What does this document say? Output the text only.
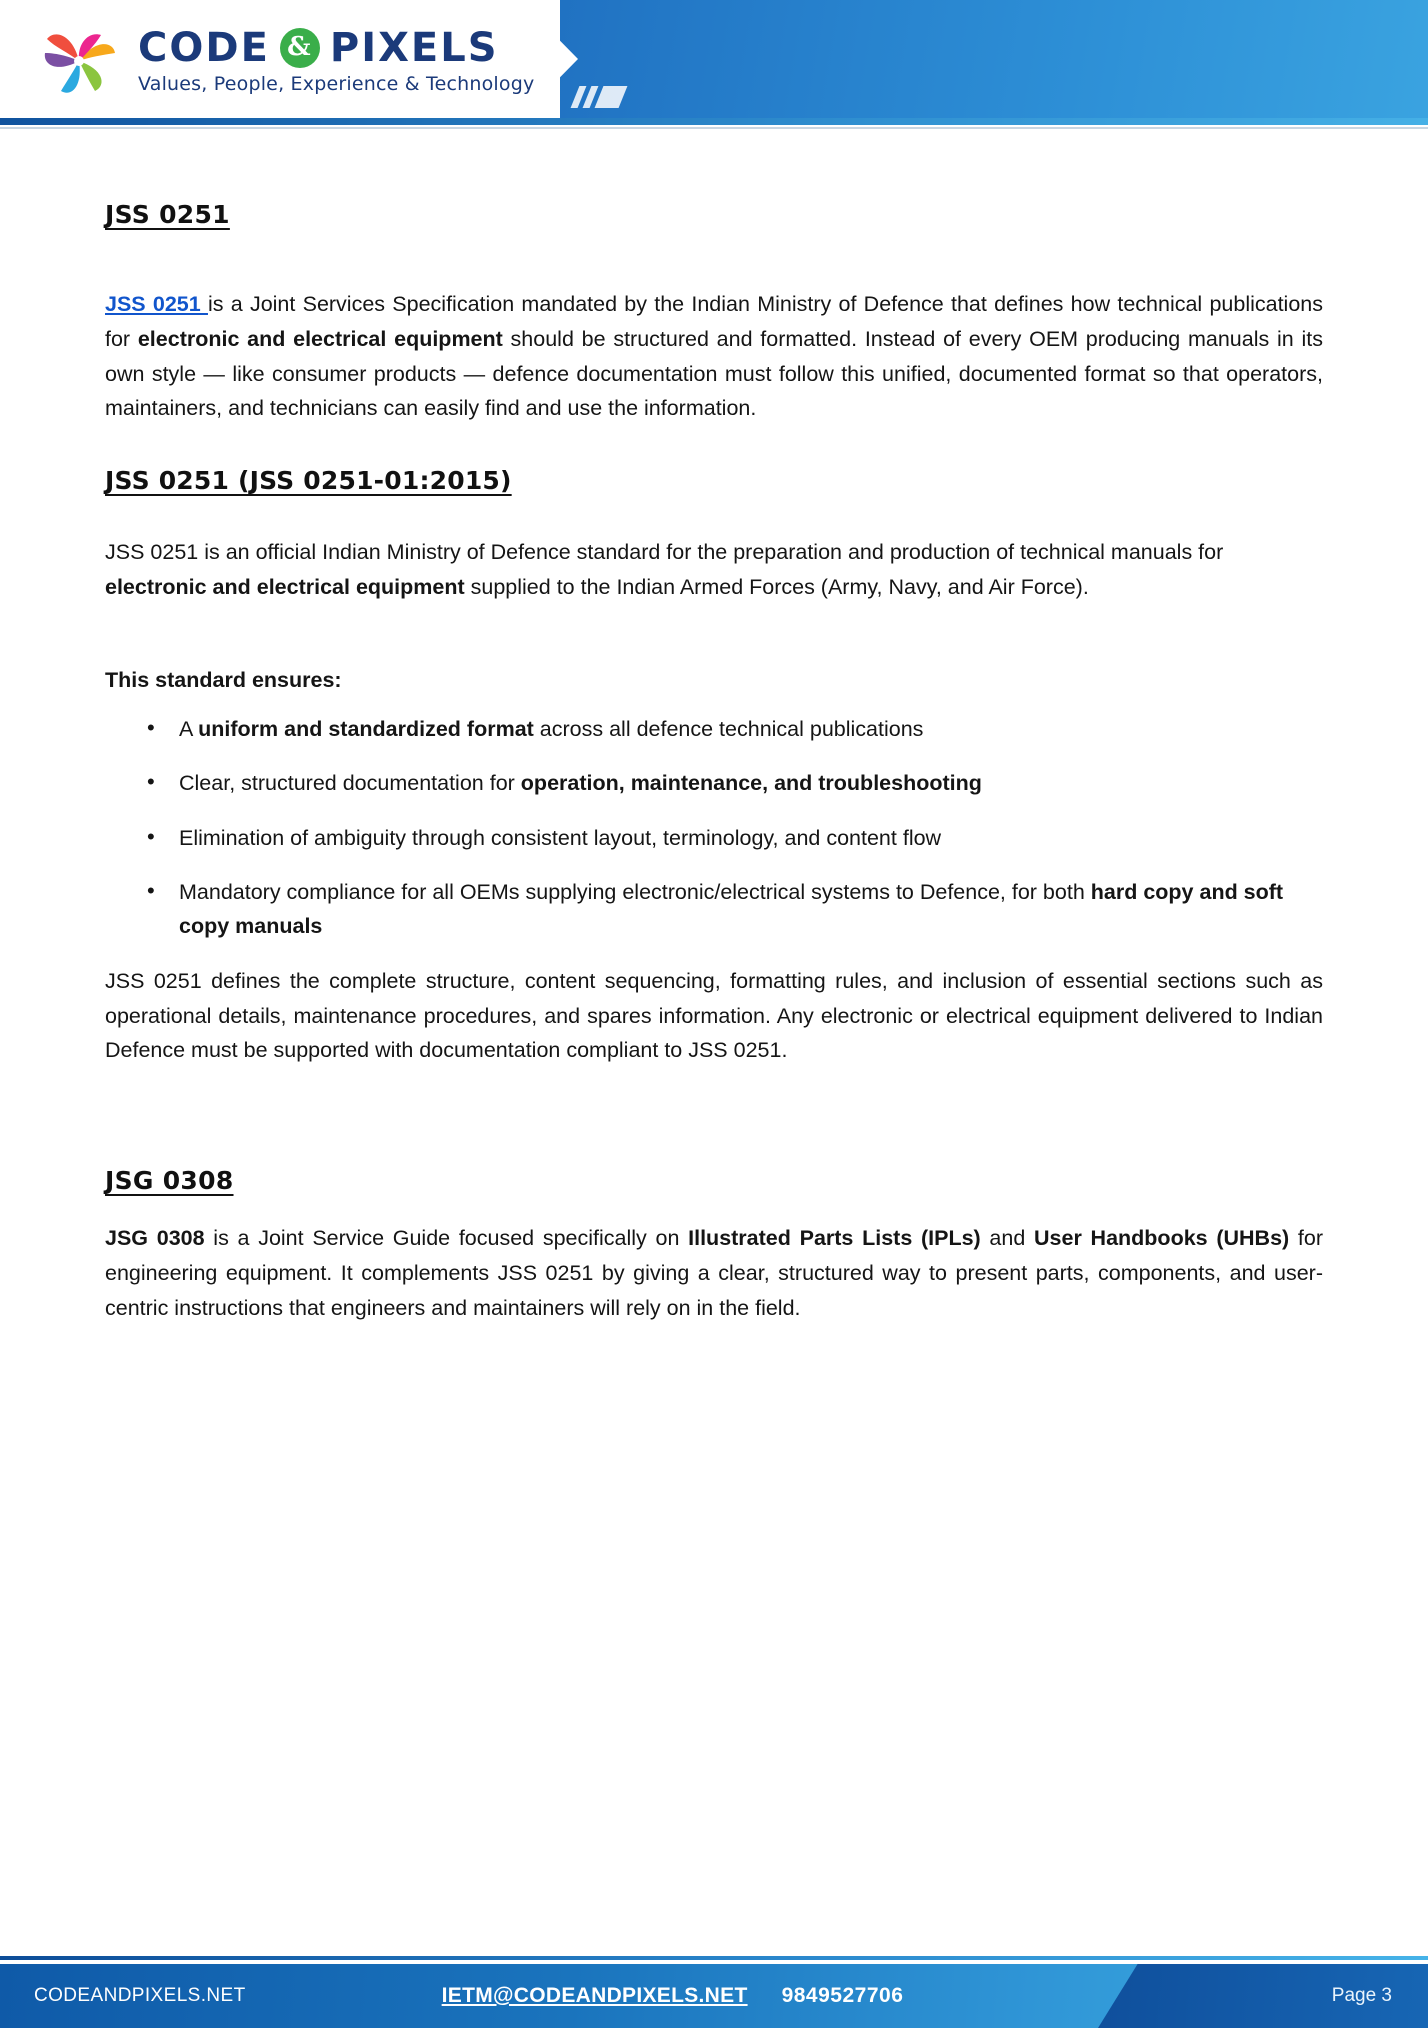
CODE & PIXELS
Values, People, Experience & Technology
JSS 0251

JSS 0251 is a Joint Services Specification mandated by the Indian Ministry of Defence that defines how technical publications for electronic and electrical equipment should be structured and formatted. Instead of every OEM producing manuals in its own style — like consumer products — defence documentation must follow this unified, documented format so that operators, maintainers, and technicians can easily find and use the information.

JSS 0251 (JSS 0251-01:2015)

JSS 0251 is an official Indian Ministry of Defence standard for the preparation and production of technical manuals for electronic and electrical equipment supplied to the Indian Armed Forces (Army, Navy, and Air Force).

This standard ensures:

• A uniform and standardized format across all defence technical publications
• Clear, structured documentation for operation, maintenance, and troubleshooting
• Elimination of ambiguity through consistent layout, terminology, and content flow
• Mandatory compliance for all OEMs supplying electronic/electrical systems to Defence, for both hard copy and soft copy manuals

JSS 0251 defines the complete structure, content sequencing, formatting rules, and inclusion of essential sections such as operational details, maintenance procedures, and spares information. Any electronic or electrical equipment delivered to Indian Defence must be supported with documentation compliant to JSS 0251.

JSG 0308

JSG 0308 is a Joint Service Guide focused specifically on Illustrated Parts Lists (IPLs) and User Handbooks (UHBs) for engineering equipment. It complements JSS 0251 by giving a clear, structured way to present parts, components, and user-centric instructions that engineers and maintainers will rely on in the field.

CODEANDPIXELS.NET	IETM@CODEANDPIXELS.NET 9849527706	Page 3
